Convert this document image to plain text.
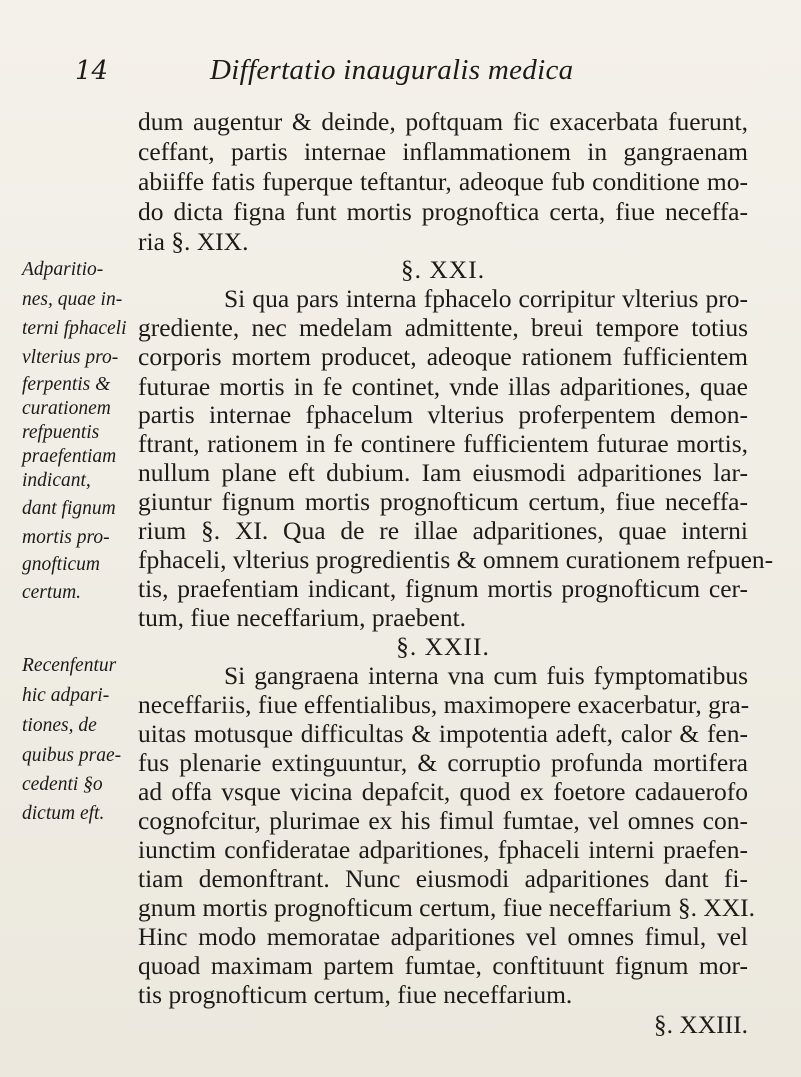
14	Differtatio inauguralis medica
Adparitio-
nes, quae in-
terni fphaceli
vlterius pro-
ferpentis &
curationem
refpuentis
praefentiam
indicant,
dant fignum
mortis pro-
gnofticum
certum.
Recenfentur
hic adpari-
tiones, de
quibus prae-
cedenti §o
dictum eft.
dum augentur & deinde, poftquam fic exacerbata fuerunt,
ceffant, partis internae inflammationem in gangraenam
abiiffe fatis fuperque teftantur, adeoque fub conditione mo-
do dicta figna funt mortis prognoftica certa, fiue neceffa-
ria §. XIX.
§. XXI.
Si qua pars interna fphacelo corripitur vlterius pro-
grediente, nec medelam admittente, breui tempore totius
corporis mortem producet, adeoque rationem fufficientem
futurae mortis in fe continet, vnde illas adparitiones, quae
partis internae fphacelum vlterius proferpentem demon-
ftrant, rationem in fe continere fufficientem futurae mortis,
nullum plane eft dubium. Iam eiusmodi adparitiones lar-
giuntur fignum mortis prognofticum certum, fiue neceffa-
rium §. XI. Qua de re illae adparitiones, quae interni
fphaceli, vlterius progredientis & omnem curationem refpuen-
tis, praefentiam indicant, fignum mortis prognofticum cer-
tum, fiue neceffarium, praebent.
§. XXII.
Si gangraena interna vna cum fuis fymptomatibus
neceffariis, fiue effentialibus, maximopere exacerbatur, gra-
uitas motusque difficultas & impotentia adeft, calor & fen-
fus plenarie extinguuntur, & corruptio profunda mortifera
ad offa vsque vicina depafcit, quod ex foetore cadauerofo
cognofcitur, plurimae ex his fimul fumtae, vel omnes con-
iunctim confideratae adparitiones, fphaceli interni praefen-
tiam demonftrant. Nunc eiusmodi adparitiones dant fi-
gnum mortis prognofticum certum, fiue neceffarium §. XXI.
Hinc modo memoratae adparitiones vel omnes fimul, vel
quoad maximam partem fumtae, conftituunt fignum mor-
tis prognofticum certum, fiue neceffarium.
§. XXIII.
